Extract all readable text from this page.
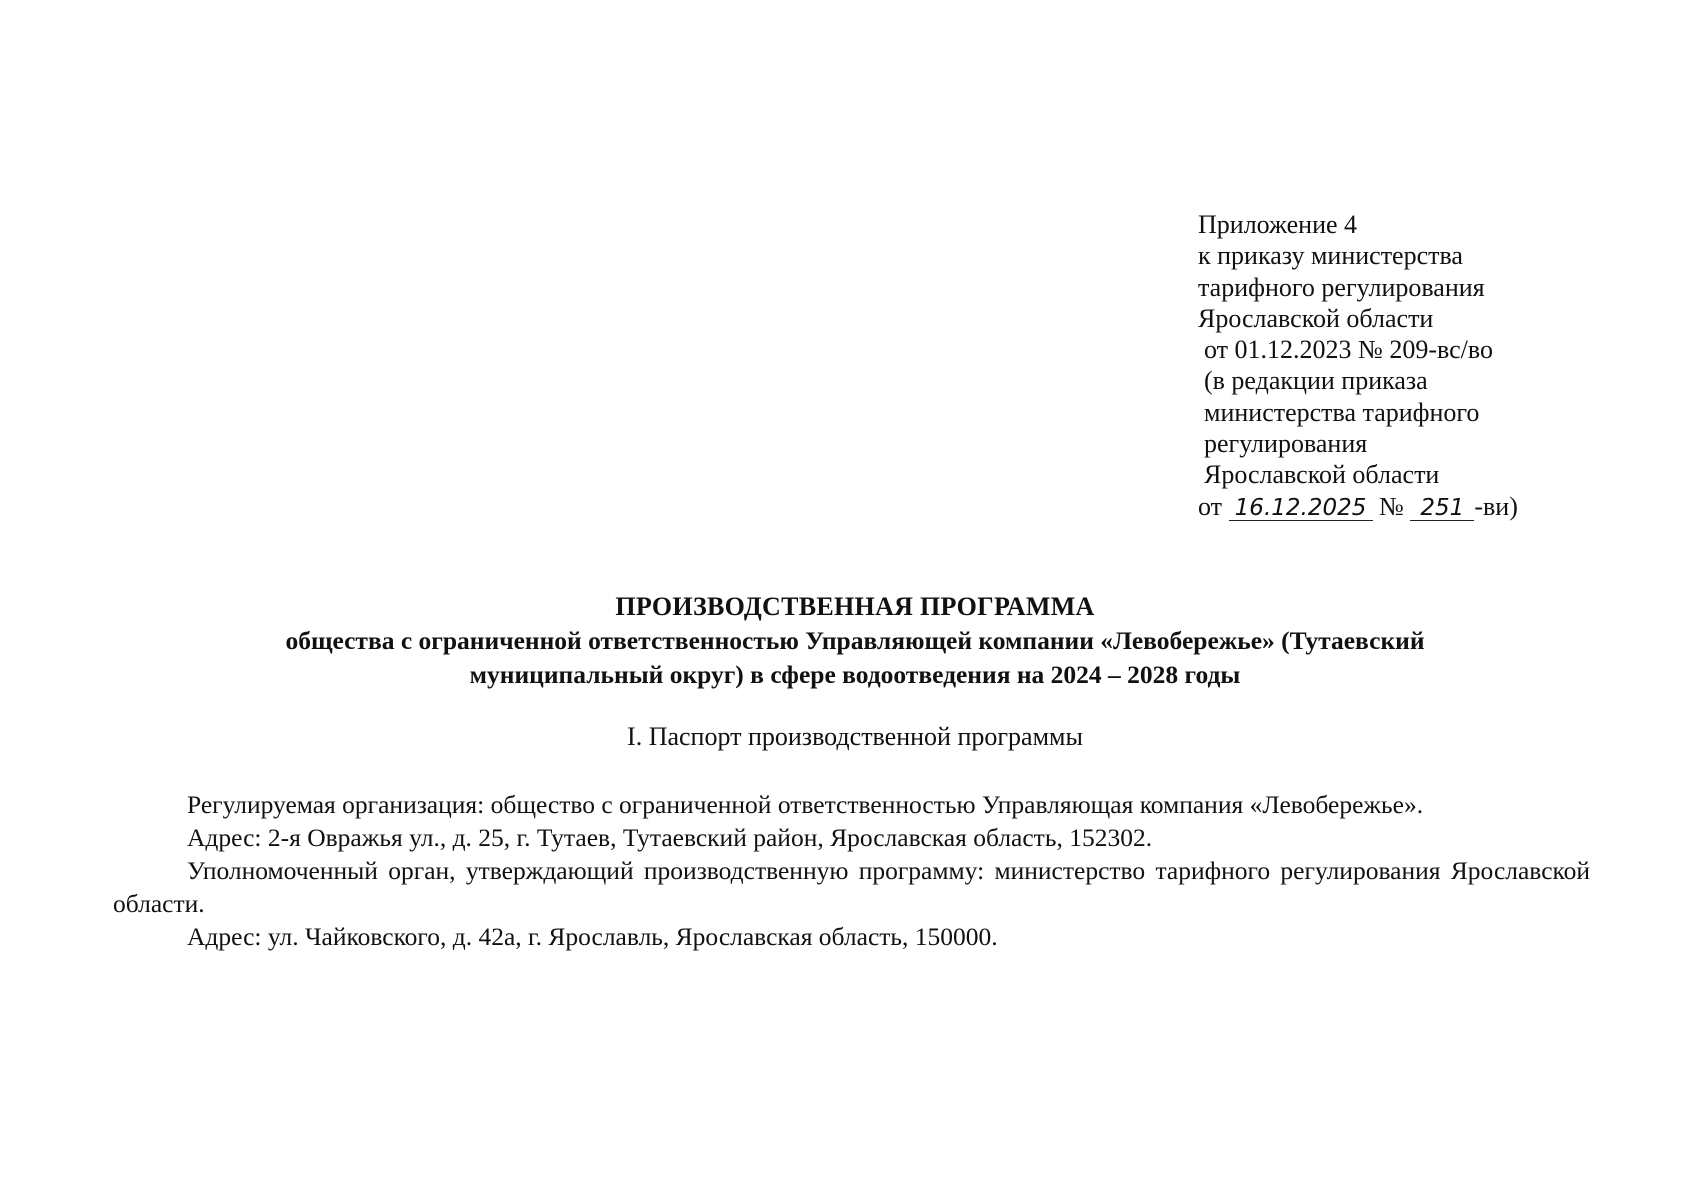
Приложение 4
к приказу министерства
тарифного регулирования
Ярославской области
от 01.12.2023 № 209-вс/во
(в редакции приказа
министерства тарифного
регулирования
Ярославской области
от 16.12.2025 № 251 -ви)
ПРОИЗВОДСТВЕННАЯ ПРОГРАММА
общества с ограниченной ответственностью Управляющей компании «Левобережье» (Тутаевский
муниципальный округ) в сфере водоотведения на 2024 – 2028 годы
I. Паспорт производственной программы

Регулируемая организация: общество с ограниченной ответственностью Управляющая компания «Левобережье».

Адрес: 2-я Овражья ул., д. 25, г. Тутаев, Тутаевский район, Ярославская область, 152302.

Уполномоченный орган, утверждающий производственную программу: министерство тарифного регулирования Ярославской области.

Адрес: ул. Чайковского, д. 42а, г. Ярославль, Ярославская область, 150000.
